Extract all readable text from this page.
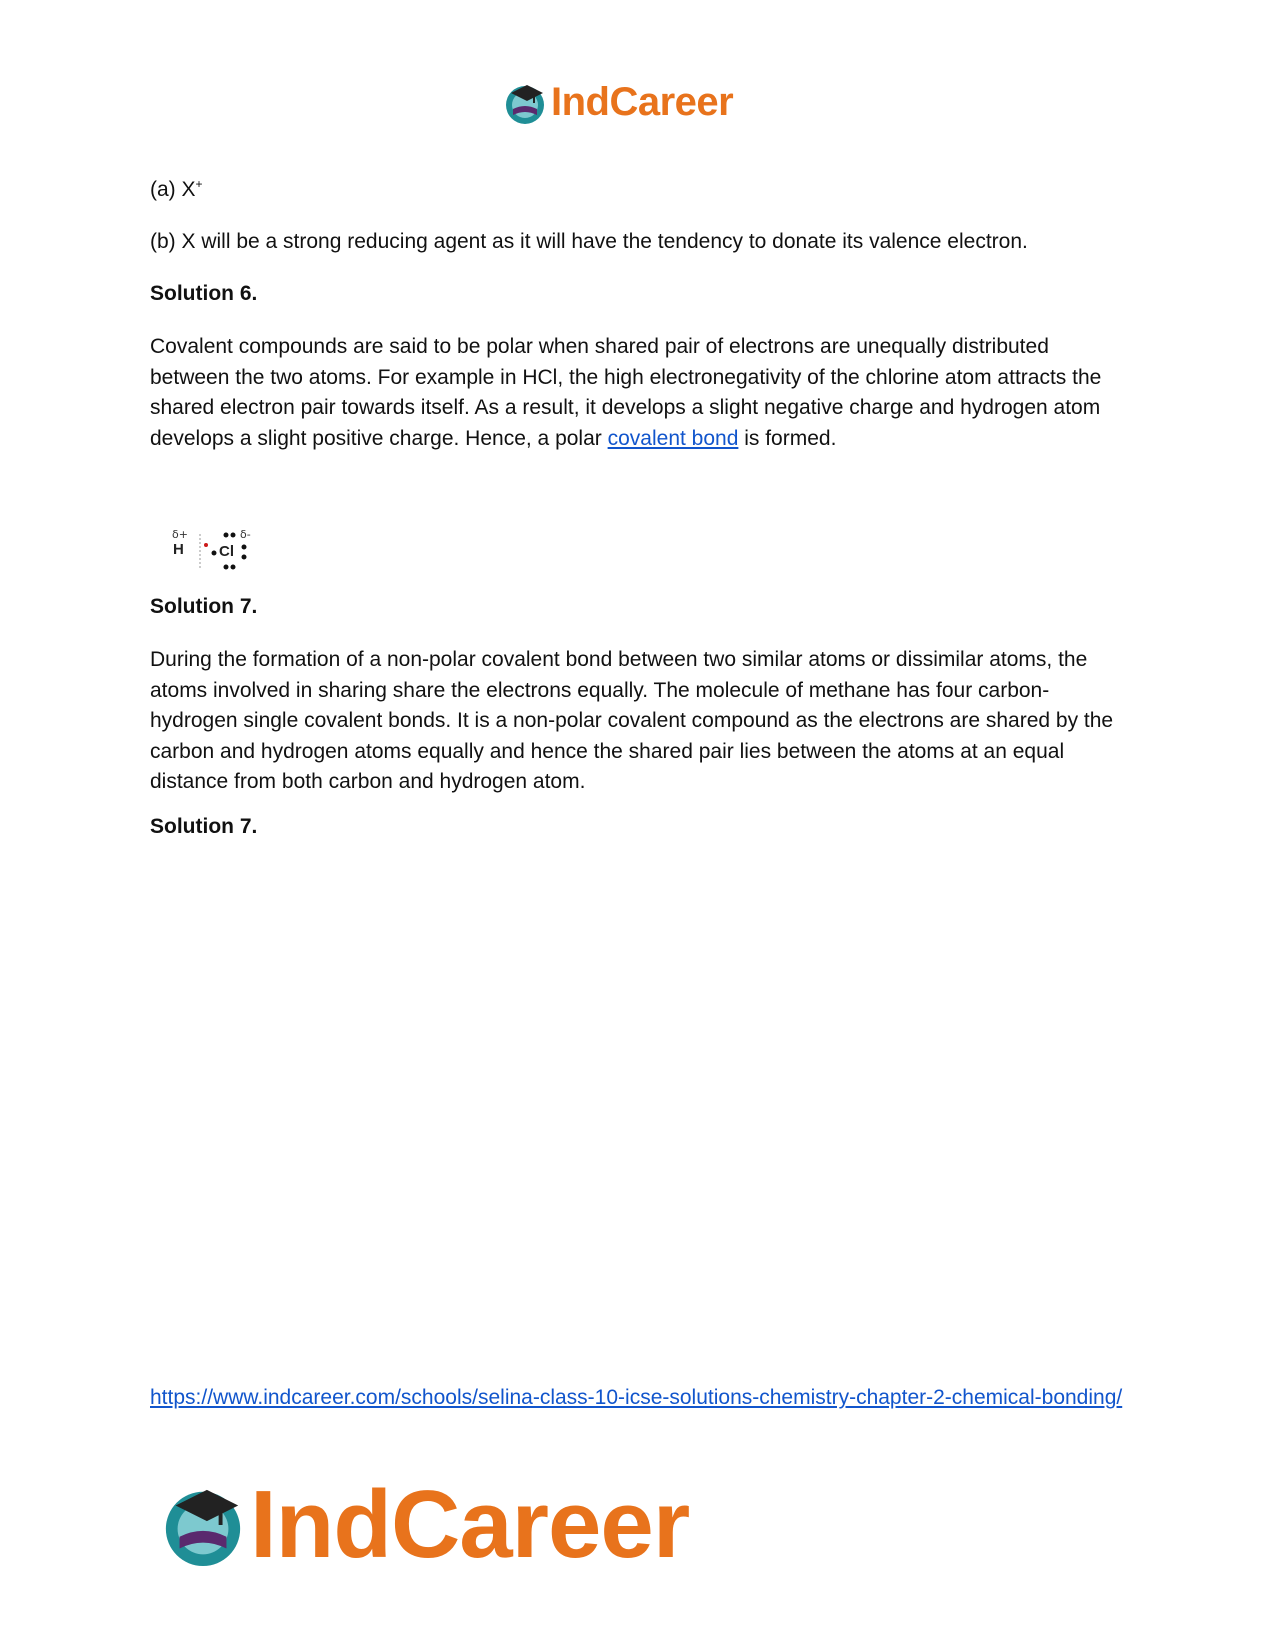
IndCareer

(a) X+

(b) X will be a strong reducing agent as it will have the tendency to donate its valence electron.

Solution 6.

Covalent compounds are said to be polar when shared pair of electrons are unequally distributed between the two atoms. For example in HCl, the high electronegativity of the chlorine atom attracts the shared electron pair towards itself. As a result, it develops a slight negative charge and hydrogen atom develops a slight positive charge. Hence, a polar covalent bond is formed.

Solution 7.

During the formation of a non-polar covalent bond between two similar atoms or dissimilar atoms, the atoms involved in sharing share the electrons equally. The molecule of methane has four carbon-hydrogen single covalent bonds. It is a non-polar covalent compound as the electrons are shared by the carbon and hydrogen atoms equally and hence the shared pair lies between the atoms at an equal distance from both carbon and hydrogen atom.

Solution 7.

δ+
H Cl
δ-
https://www.indcareer.com/schools/selina-class-10-icse-solutions-chemistry-chapter-2-chemical-bonding/
IndCareer
